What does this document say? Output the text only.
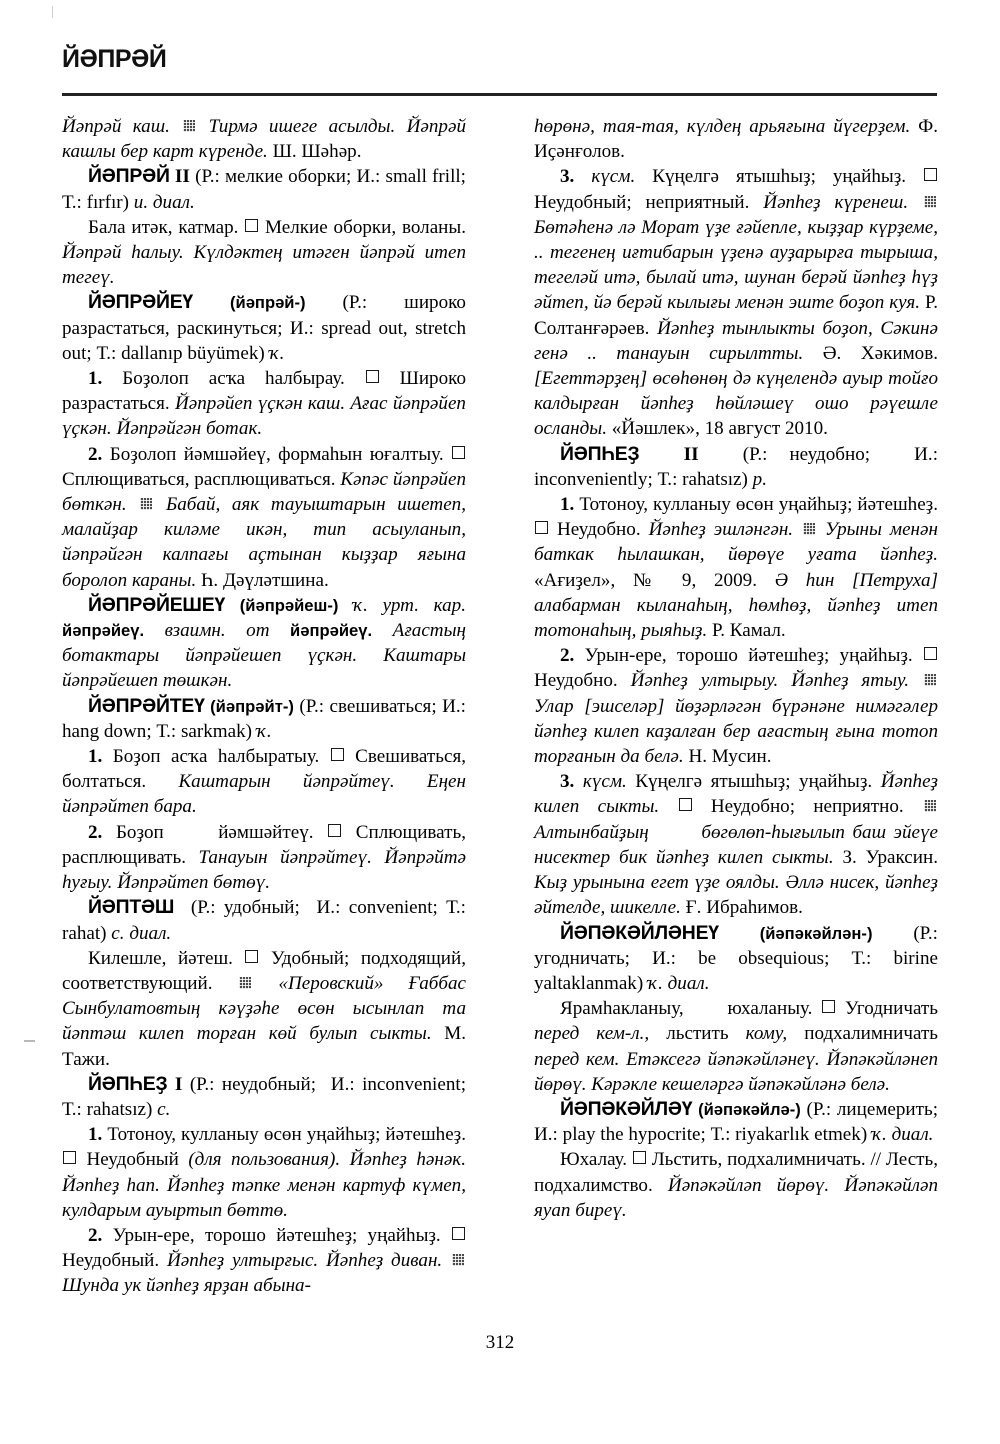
ЙӘПРӘЙ

Йәпрәй каш. Тирмә ишеге асылды. Йәпрәй кашлы бер карт күренде. Ш. Шәһәр.

ЙӘПРӘЙ II (Р.: мелкие оборки; И.: small frill; Т.: fırfır) и. диал.

Бала итәк, катмар.  Мелкие оборки, воланы. Йәпрәй һалыу. Күлдәктең итәген йәпрәй итеп тегеү.

ЙӘПРӘЙЕҮ (йәпрәй-) (Р.: широко разрастаться, раскинуться; И.: spread out, stretch out; Т.: dallanıp büyümek) ҡ.

1. Боҙолоп асҡа һалбырау.  Широко разрастаться. Йәпрәйеп үҫкән каш. Ағас йәпрәйеп үҫкән. Йәпрәйгән ботак.

2. Боҙолоп йәмшәйеү, формаһын юғалтыу.  Сплющиваться, расплющиваться. Кәпәс йәпрәйеп бөткән. Бабай, аяк тауыштарын ишетеп, малайҙар киләме икән, тип асыуланып, йәпрәйгән калпағы аҫтынан кыҙҙар яғына боролоп караны. Һ. Дәүләтшина.

ЙӘПРӘЙЕШЕҮ (йәпрәйеш-) ҡ. урт. кар. йәпрәйеү. взаимн. от йәпрәйеү. Ағастың ботактары йәпрәйешеп үҫкән. Каштары йәпрәйешеп төшкән.

ЙӘПРӘЙТЕҮ (йәпрәйт-) (Р.: свешиваться; И.: hang down; Т.: sarkmak) ҡ.

1. Боҙоп асҡа һалбыратыу.  Свешиваться, болтаться. Каштарын йәпрәйтеү. Еңен йәпрәйтеп бара.

2. Боҙоп    йәмшәйтеү.  Сплющивать, расплющивать. Танауын йәпрәйтеү. Йәпрәйтә һуғыу. Йәпрәйтеп бөтөү.

ЙӘПТӘШ  (Р.: удобный;  И.: convenient; Т.: rahat) с. диал.

Килешле, йәтеш.  Удобный; подходящий, соответствующий.  «Перовский» Ғаббас Сынбулатовтың кәүҙәһе өсөн ысынлап та йәптәш килеп торған көй булып сыкты. М. Тажи.

ЙӘПҺЕҘ I (Р.: неудобный;  И.: inconvenient; Т.: rahatsız) с.

1. Тотоноу, кулланыу өсөн уңайһыҙ; йәтешһеҙ.  Неудобный (для пользования). Йәпһеҙ һәнәк. Йәпһеҙ han. Йәпһеҙ тәпке менән картуф күмеп, кулдарым ауыртып бөттө.

2. Урын-ере, торошо йәтешһеҙ; уңайһыҙ.  Неудобный. Йәпһеҙ ултырғыс. Йәпһеҙ диван.  Шунда ук йәпһеҙ ярҙан абына-

һөрөнә, тая-тая, күлдең арьяғына йүгерҙем. Ф. Иҫәнғолов.

3. күсм. Күңелгә ятышһыҙ; уңайһыҙ.  Неудобный; неприятный. Йәпһеҙ күренеш.  Бөтәһенә лә Морат үҙе ғәйепле, кыҙҙар күрҙеме, .. тегенең иғтибарын үҙенә ауҙарырға тырыша, тегеләй итә, былай итә, шунан берәй йәпһеҙ һүҙ әйтеп, йә берәй кылығы менән эште боҙоп куя. Р. Солтанғәрәев. Йәпһеҙ тынлыкты боҙоп, Сәкинә генә .. танауын сирылтты. Ә. Хәкимов. [Егеттәрҙең] өсөһөнөң дә күңелендә ауыр тойғо калдырған йәпһеҙ һөйләшеү ошо рәүешле осланды. «Йәшлек», 18 август 2010.

ЙӘПҺЕҘ II  (Р.: неудобно;  И.: inconveniently; Т.: rahatsız) р.

1. Тотоноу, кулланыу өсөн уңайһыҙ; йәтешһеҙ.  Неудобно. Йәпһеҙ эшләнгән. Урыны менән баткак һылашкан, йөрөүе уғата йәпһеҙ. «Ағиҙел», № 9, 2009. Ә hин [Петруха] алабарман кыланаһың, һөмһөҙ, йәпһеҙ итеп тотонаһың, рыяһыҙ. Р. Камал.

2. Урын-ере, торошо йәтешһеҙ; уңайһыҙ.  Неудобно. Йәпһеҙ ултырыу. Йәпһеҙ ятыу.  Улар [эшселәр] йөҙәрләгән бүрәнәне нимәгәлер йәпһеҙ килеп каҙалған бер ағастың ғына тотоп торғанын да белә. Н. Мусин.

3. күсм. Күңелгә ятышһыҙ; уңайһыҙ. Йәпһеҙ килеп сыкты.  Неудобно; неприятно.  Алтынбайҙың       бөгөлөп-һығылып баш эйеүе нисектер бик йәпһеҙ килеп сыкты. З. Ураксин. Кыҙ урынына егет үҙе оялды. Әллә нисек, йәпһеҙ әйтелде, шикелле. Ғ. Ибраһимов.

ЙӘПӘКӘЙЛӘНЕҮ (йәпәкәйлән-) (Р.: угодничать; И.: be obsequious; Т.: birine yaltaklanmak) ҡ. диал.

Ярамһакланыу,     юхаланыу.  Угодничать перед кем-л., льстить кому, подхалимничать перед кем. Етәксегә йәпәкәйләнеү. Йәпәкәйләнеп йөрөү. Кәрәкле кешеләргә йәпәкәйләнә белә.

ЙӘПӘКӘЙЛӘҮ (йәпәкәйлә-) (Р.: лицемерить; И.: play the hypocrite; Т.: riyakarlık etmek) ҡ. диал.

Юхалау.  Льстить, подхалимничать. // Лесть, подхалимство. Йәпәкәйләп йөрөү. Йәпәкәйләп яуап биреү.

312
